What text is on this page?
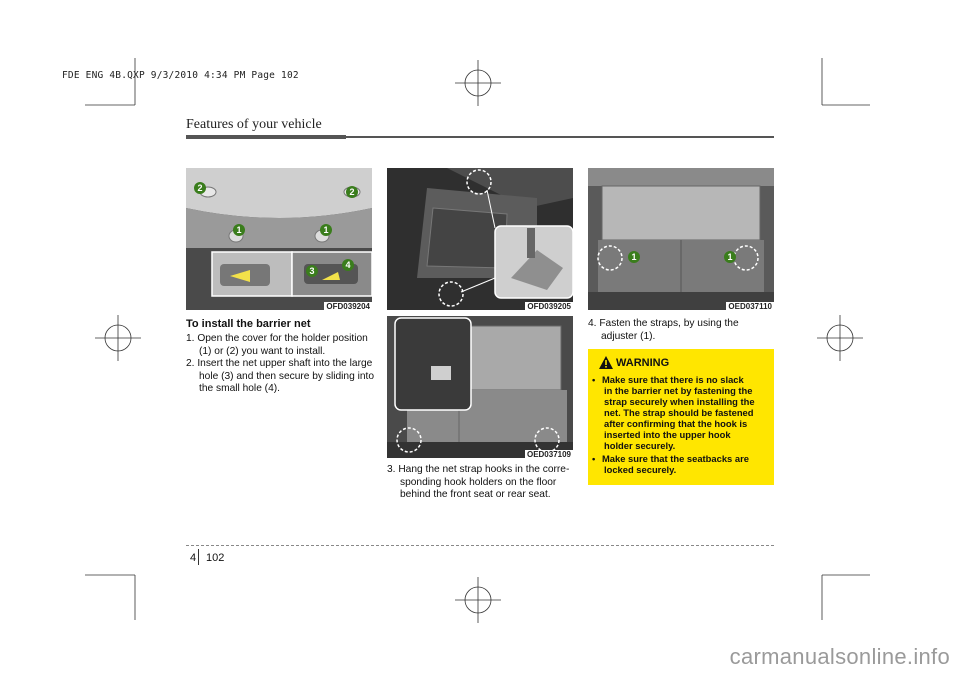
FDE ENG 4B.QXP 9/3/2010 4:34 PM Page 102
Features of your vehicle
2	2
1	1
3
4
OFD039204	OFD039205
1	1
OED037110
OED037109
To install the barrier net
1. Open the cover for the holder position
(1) or (2) you want to install.
2. Insert the net upper shaft into the large
hole (3) and then secure by sliding into
the small hole (4).
3. Hang the net strap hooks in the corre-
sponding hook holders on the floor
behind the front seat or rear seat.
4. Fasten the straps, by using the
adjuster (1).
WARNING
• Make sure that there is no slack
in the barrier net by fastening the
strap securely when installing the
net. The strap should be fastened
after confirming that the hook is
inserted into the upper hook
holder securely.
• Make sure that the seatbacks are
locked securely.
4 102
carmanualsonline.info
